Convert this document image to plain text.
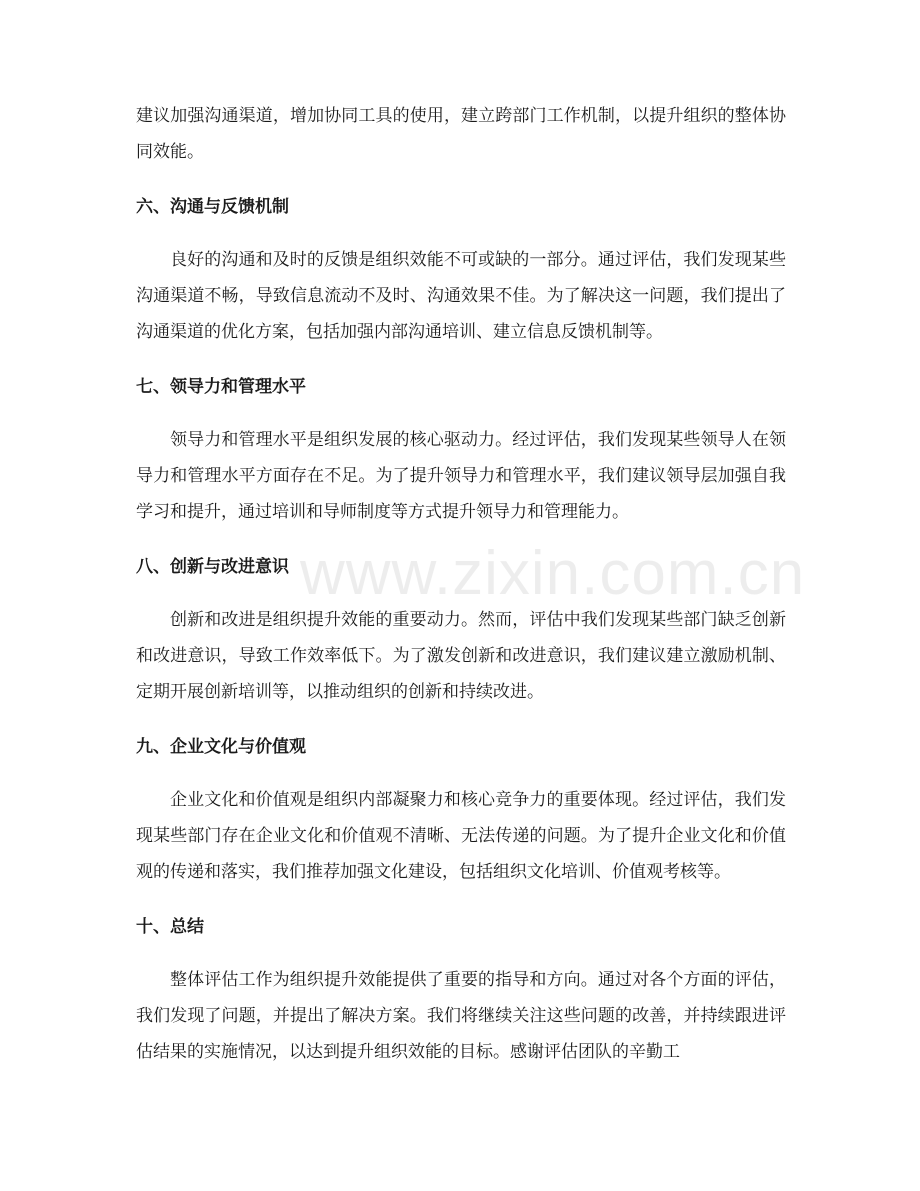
建议加强沟通渠道，增加协同工具的使用，建立跨部门工作机制，以提升组织的整体协同效能。

六、沟通与反馈机制

良好的沟通和及时的反馈是组织效能不可或缺的一部分。通过评估，我们发现某些沟通渠道不畅，导致信息流动不及时、沟通效果不佳。为了解决这一问题，我们提出了沟通渠道的优化方案，包括加强内部沟通培训、建立信息反馈机制等。

七、领导力和管理水平

领导力和管理水平是组织发展的核心驱动力。经过评估，我们发现某些领导人在领导力和管理水平方面存在不足。为了提升领导力和管理水平，我们建议领导层加强自我学习和提升，通过培训和导师制度等方式提升领导力和管理能力。

八、创新与改进意识

创新和改进是组织提升效能的重要动力。然而，评估中我们发现某些部门缺乏创新和改进意识，导致工作效率低下。为了激发创新和改进意识，我们建议建立激励机制、定期开展创新培训等，以推动组织的创新和持续改进。

九、企业文化与价值观

企业文化和价值观是组织内部凝聚力和核心竞争力的重要体现。经过评估，我们发现某些部门存在企业文化和价值观不清晰、无法传递的问题。为了提升企业文化和价值观的传递和落实，我们推荐加强文化建设，包括组织文化培训、价值观考核等。

十、总结

整体评估工作为组织提升效能提供了重要的指导和方向。通过对各个方面的评估，我们发现了问题，并提出了解决方案。我们将继续关注这些问题的改善，并持续跟进评估结果的实施情况，以达到提升组织效能的目标。感谢评估团队的辛勤工

www.zixin.com.cn
